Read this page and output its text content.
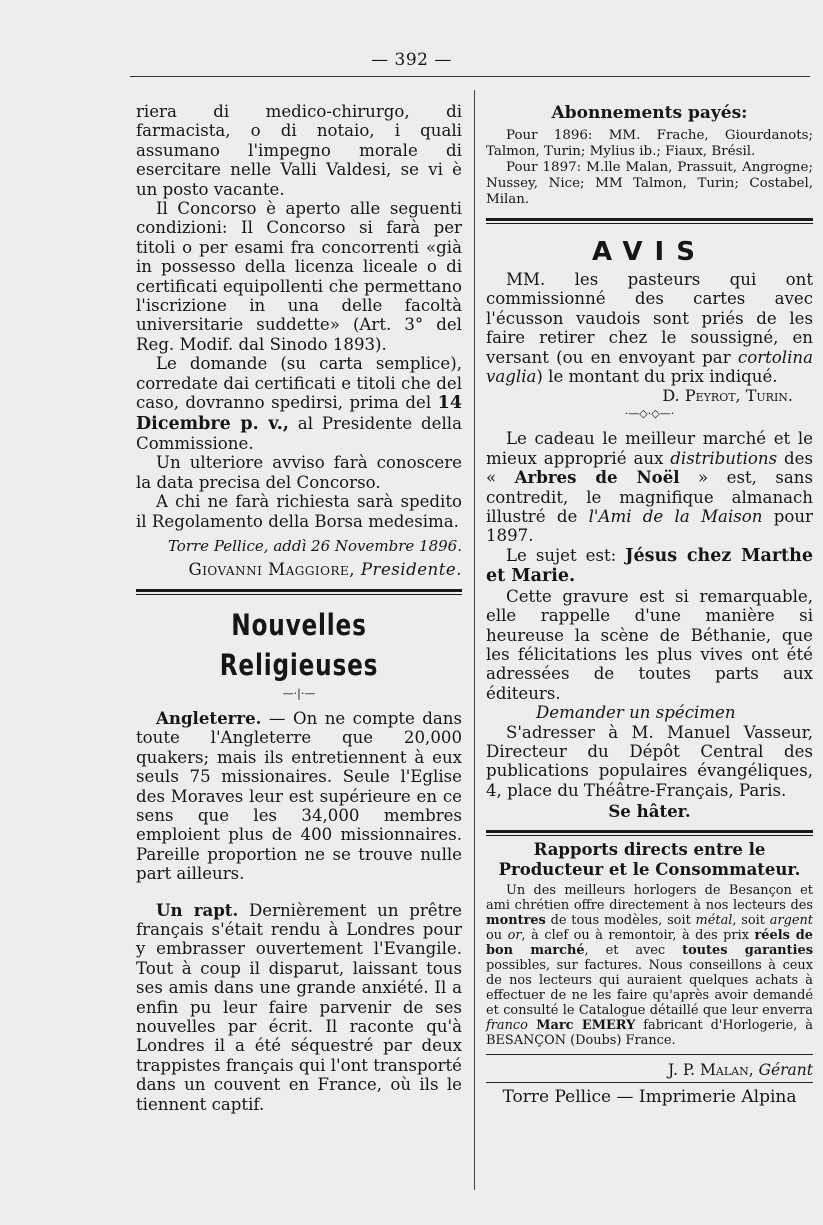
— 392 —

riera di medico-chirurgo, di farmacista, o di notaio, i quali assumano l'impegno morale di esercitare nelle Valli Valdesi, se vi è un posto vacante.

Il Concorso è aperto alle seguenti condizioni: Il Concorso si farà per titoli o per esami fra concorrenti «già in possesso della licenza liceale o di certificati equipollenti che permettano l'iscrizione in una delle facoltà universitarie suddette» (Art. 3° del Reg. Modif. dal Sinodo 1893).

Le domande (su carta semplice), corredate dai certificati e titoli che del caso, dovranno spedirsi, prima del 14 Dicembre p. v., al Presidente della Commissione.

Un ulteriore avviso farà conoscere la data precisa del Concorso.

A chi ne farà richiesta sarà spedito il Regolamento della Borsa medesima.

Torre Pellice, addì 26 Novembre 1896.
Giovanni Maggiore, Presidente.
Nouvelles Religieuses
—·|·—

Angleterre. — On ne compte dans toute l'Angleterre que 20,000 quakers; mais ils entretiennent à eux seuls 75 missionaires. Seule l'Eglise des Moraves leur est supérieure en ce sens que les 34,000 membres emploient plus de 400 missionnaires. Pareille proportion ne se trouve nulle part ailleurs.

Un rapt. Dernièrement un prêtre français s'était rendu à Londres pour y embrasser ouvertement l'Evangile. Tout à coup il disparut, laissant tous ses amis dans une grande anxiété. Il a enfin pu leur faire parvenir de ses nouvelles par écrit. Il raconte qu'à Londres il a été séquestré par deux trappistes français qui l'ont transporté dans un couvent en France, où ils le tiennent captif.

Abonnements payés:

Pour 1896: MM. Frache, Giourdanots; Talmon, Turin; Mylius ib.; Fiaux, Brésil.

Pour 1897: M.lle Malan, Prassuit, Angrogne; Nussey, Nice; MM Talmon, Turin; Costabel, Milan.

AVIS

MM. les pasteurs qui ont commissionné des cartes avec l'écusson vaudois sont priés de les faire retirer chez le soussigné, en versant (ou en envoyant par cortolina vaglia) le montant du prix indiqué.

D. Peyrot, Turin.
·—◇·◇—·

Le cadeau le meilleur marché et le mieux approprié aux distributions des « Arbres de Noël » est, sans contredit, le magnifique almanach illustré de l'Ami de la Maison pour 1897.

Le sujet est: Jésus chez Marthe et Marie.

Cette gravure est si remarquable, elle rappelle d'une manière si heureuse la scène de Béthanie, que les félicitations les plus vives ont été adressées de toutes parts aux éditeurs.

Demander un spécimen

S'adresser à M. Manuel Vasseur, Directeur du Dépôt Central des publications populaires évangéliques, 4, place du Théâtre-Français, Paris.

Se hâter.
Rapports directs entre le Producteur et le Consommateur.

Un des meilleurs horlogers de Besançon et ami chrétien offre directement à nos lecteurs des montres de tous modèles, soit métal, soit argent ou or, à clef ou à remontoir, à des prix réels de bon marché, et avec toutes garanties possibles, sur factures. Nous conseillons à ceux de nos lecteurs qui auraient quelques achats à effectuer de ne les faire qu'après avoir demandé et consulté le Catalogue détaillé que leur enverra franco Marc EMERY fabricant d'Horlogerie, à BESANÇON (Doubs) France.

J. P. Malan, Gérant
Torre Pellice — Imprimerie Alpina
